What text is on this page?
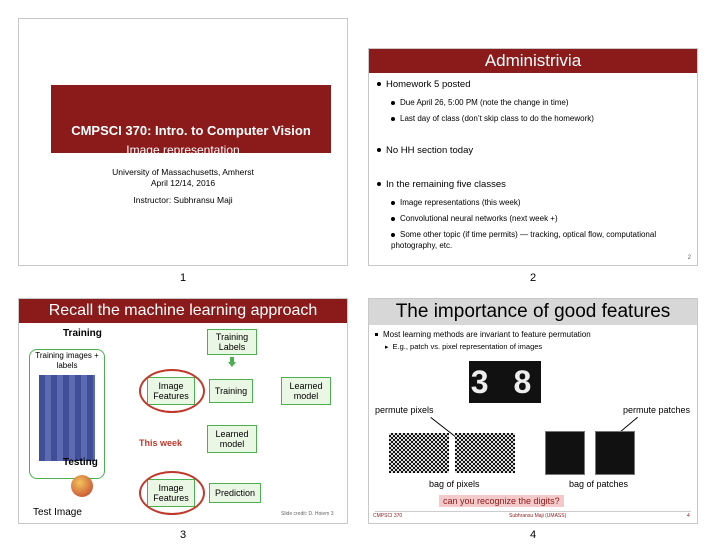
CMPSCI 370: Intro. to Computer Vision
Image representation
University of Massachusetts, Amherst
April 12/14, 2016
Instructor: Subhransu Maji
1
Administrivia
Homework 5 posted
Due April 26, 5:00 PM (note the change in time)
Last day of class (don’t skip class to do the homework)
No HH section today
In the remaining five classes
Image representations (this week)
Convolutional neural networks (next week +)
Some other topic (if time permits) — tracking, optical flow, computational photography, etc.
2
2
Recall the machine learning approach
Training	Training Labels
Training images + labels
Image Features	Training	Learned model
Learned model
This week
Testing
Image Features	Prediction
Test Image	Slide credit: D. Hoiem 3
3
The importance of good features
Most learning methods are invariant to feature permutation
▸ E.g., patch vs. pixel representation of images
3 8
permute pixels	permute patches
bag of pixels	bag of patches
can you recognize the digits?
CMPSCI 370	Subhransu Maji (UMASS)	4
4
